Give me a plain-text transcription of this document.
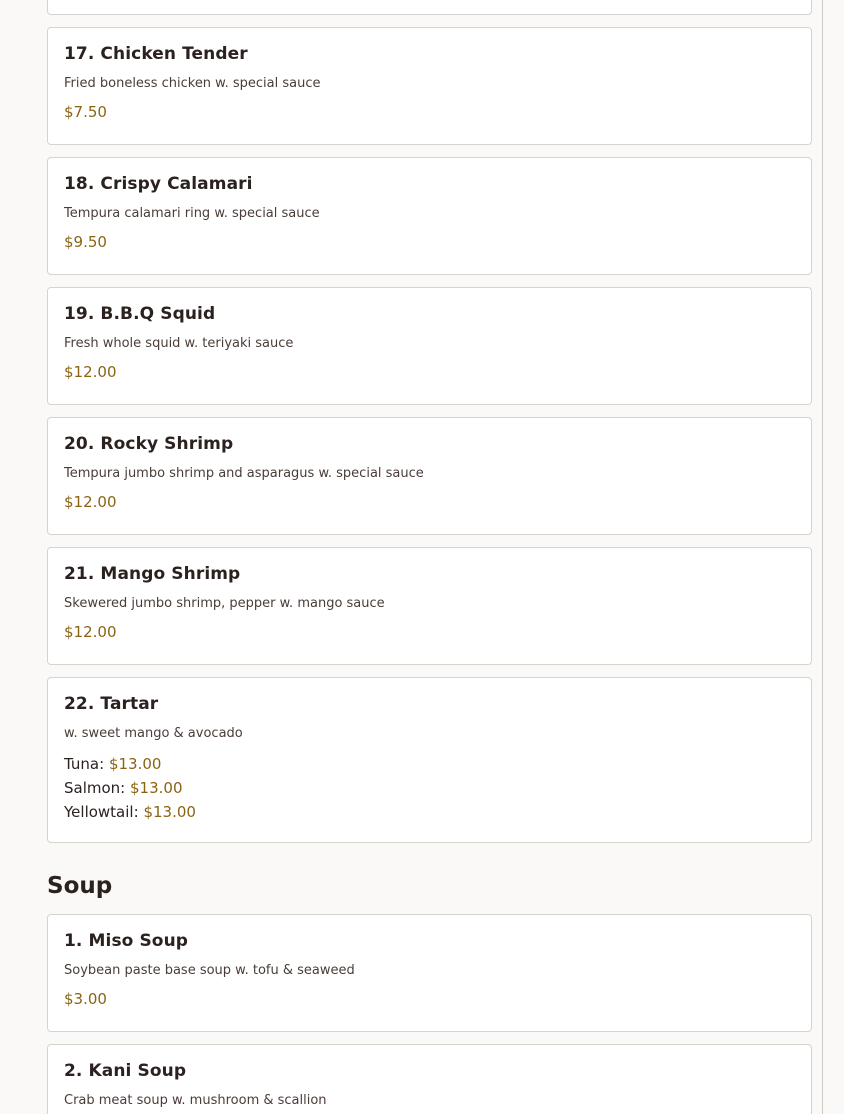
17. Chicken Tender
Fried boneless chicken w. special sauce
$7.50
18. Crispy Calamari
Tempura calamari ring w. special sauce
$9.50
19. B.B.Q Squid
Fresh whole squid w. teriyaki sauce
$12.00
20. Rocky Shrimp
Tempura jumbo shrimp and asparagus w. special sauce
$12.00
21. Mango Shrimp
Skewered jumbo shrimp, pepper w. mango sauce
$12.00
22. Tartar
w. sweet mango & avocado
Tuna: $13.00
Salmon: $13.00
Yellowtail: $13.00
Soup
1. Miso Soup
Soybean paste base soup w. tofu & seaweed
$3.00
2. Kani Soup
Crab meat soup w. mushroom & scallion
